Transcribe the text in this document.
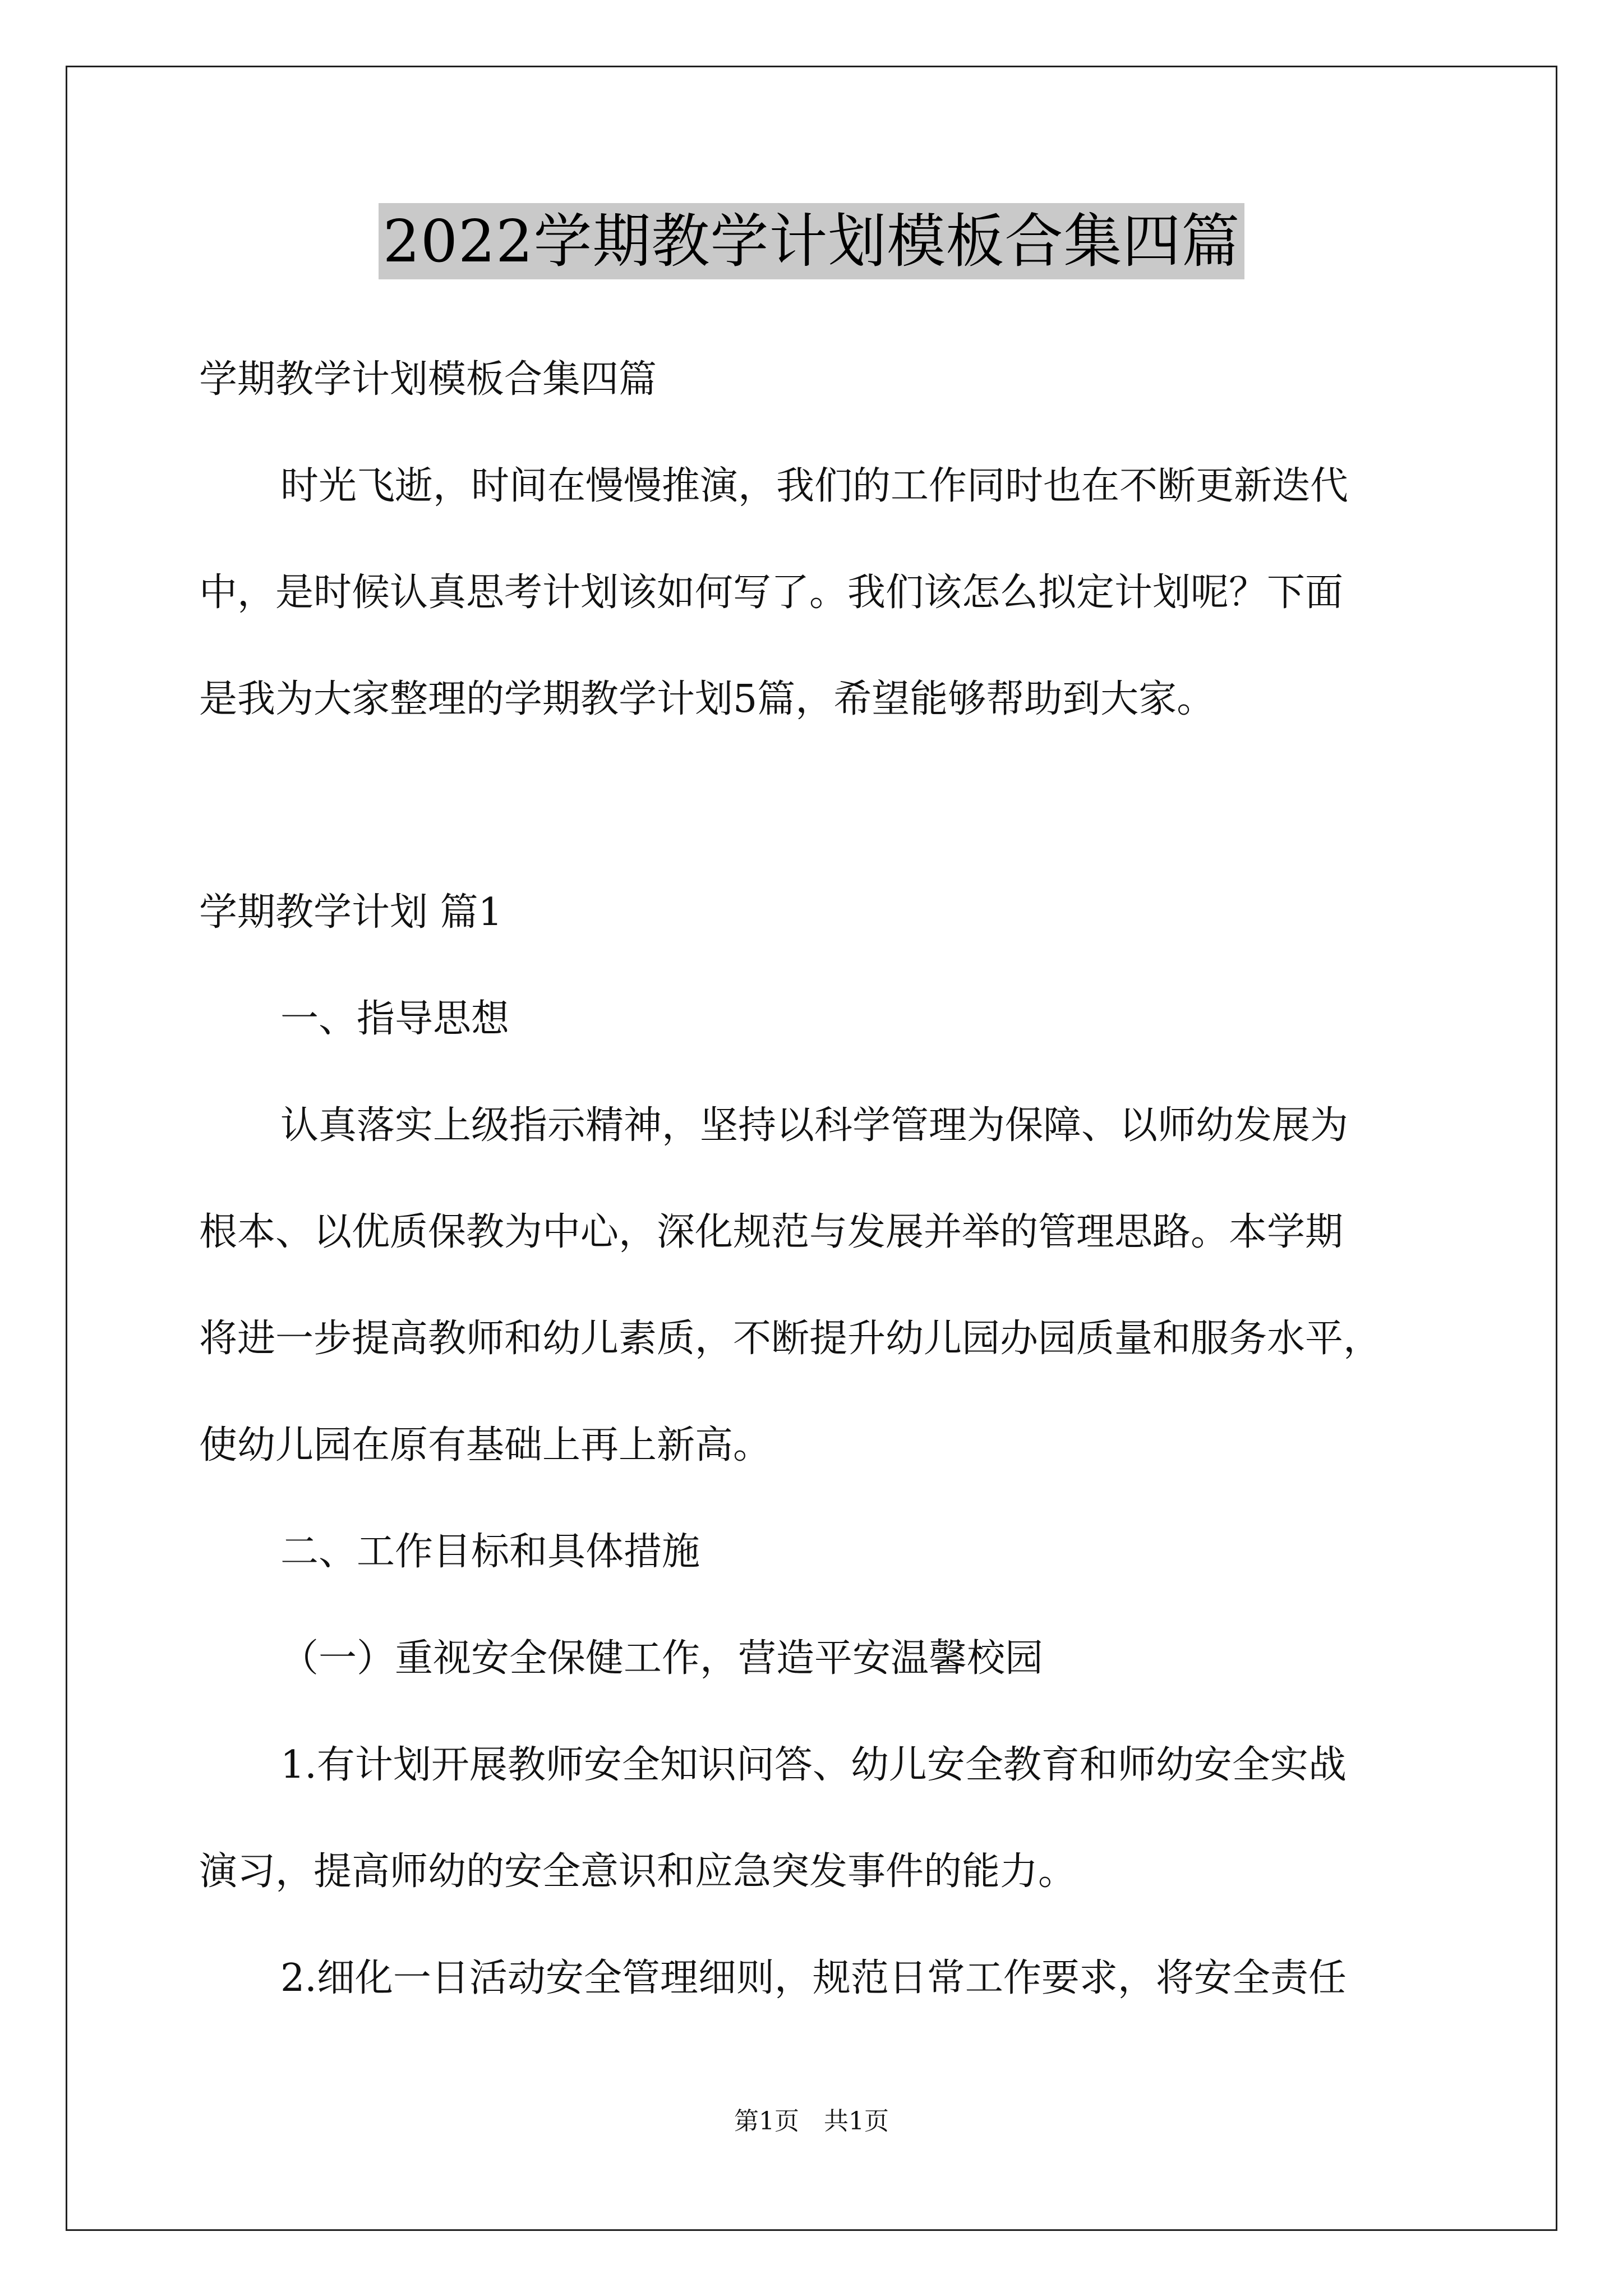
2022学期教学计划模板合集四篇
学期教学计划模板合集四篇
时光飞逝，时间在慢慢推演，我们的工作同时也在不断更新迭代
中，是时候认真思考计划该如何写了。我们该怎么拟定计划呢？下面
是我为大家整理的学期教学计划5篇，希望能够帮助到大家。
学期教学计划 篇1
一、指导思想
认真落实上级指示精神，坚持以科学管理为保障、以师幼发展为
根本、以优质保教为中心，深化规范与发展并举的管理思路。本学期
将进一步提高教师和幼儿素质，不断提升幼儿园办园质量和服务水平，
使幼儿园在原有基础上再上新高。
二、工作目标和具体措施
（一）重视安全保健工作，营造平安温馨校园
1.有计划开展教师安全知识问答、幼儿安全教育和师幼安全实战
演习，提高师幼的安全意识和应急突发事件的能力。
2.细化一日活动安全管理细则，规范日常工作要求，将安全责任
第1页　共1页
